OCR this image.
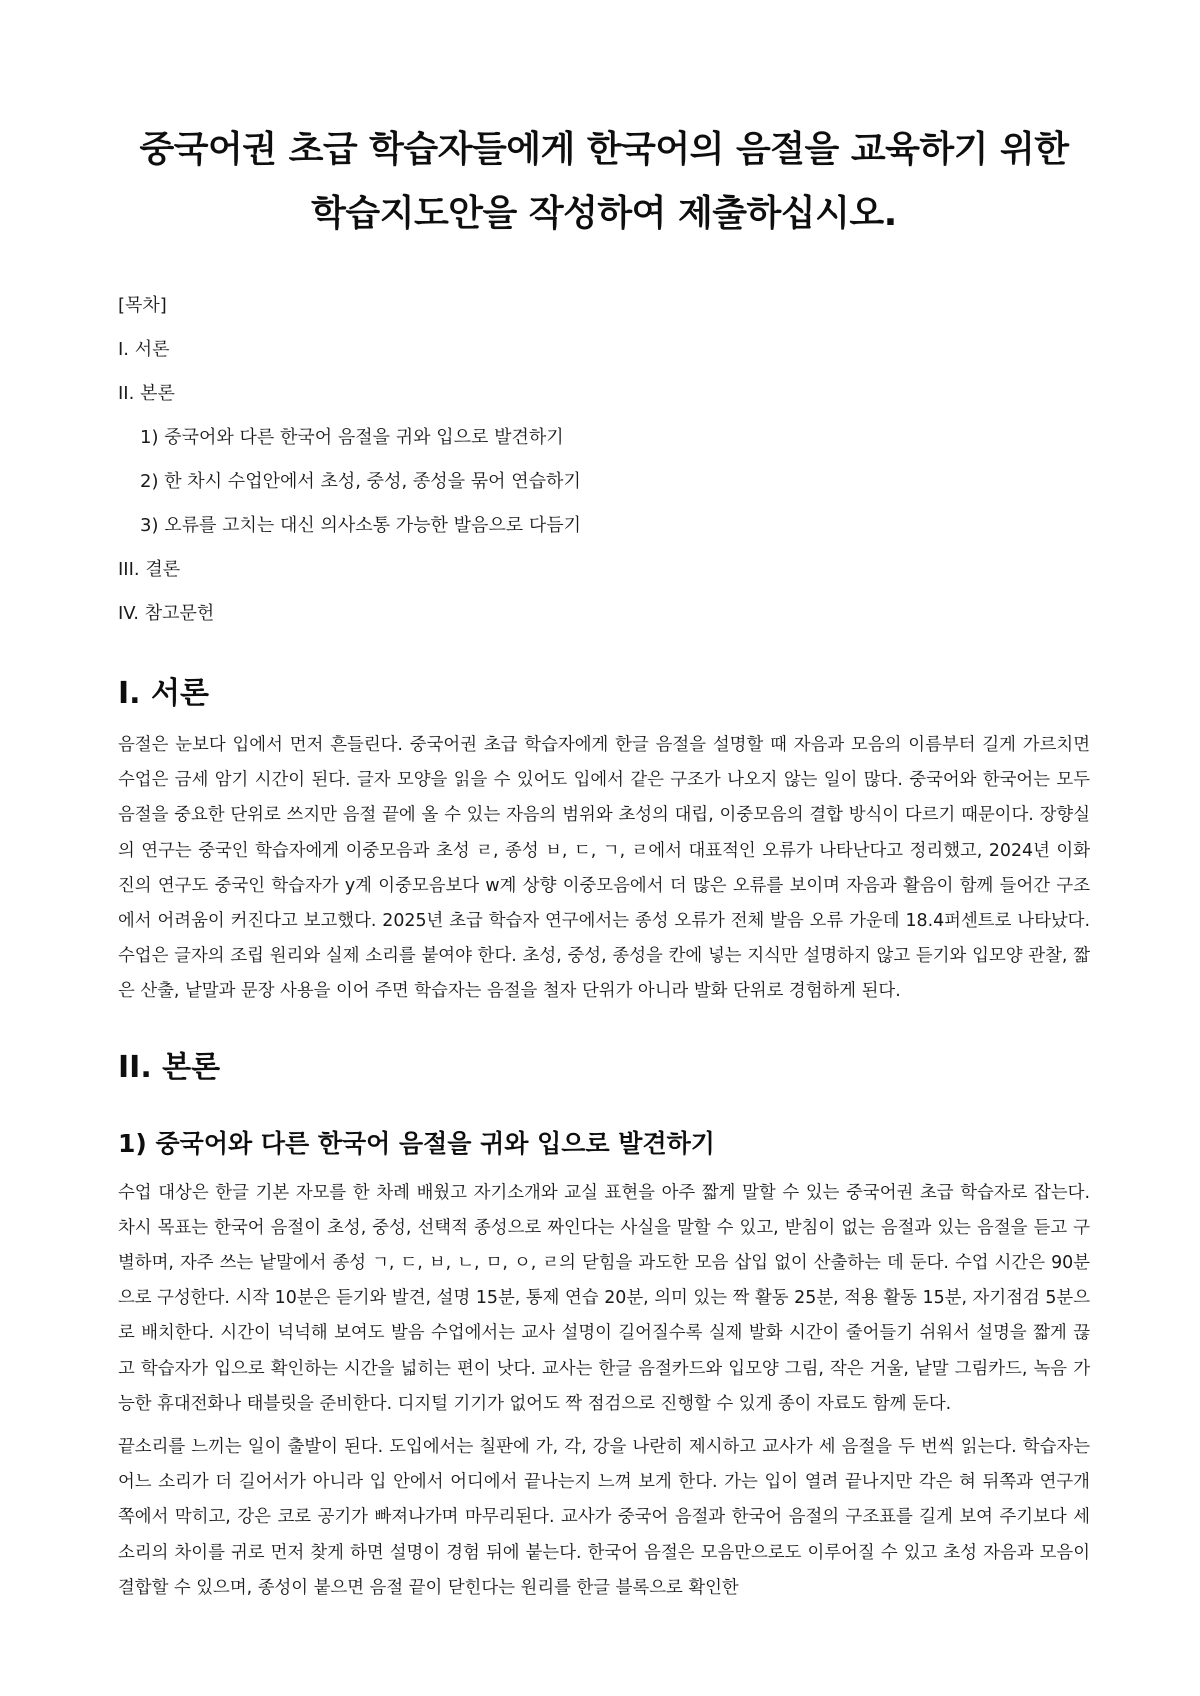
중국어권 초급 학습자들에게 한국어의 음절을 교육하기 위한 학습지도안을 작성하여 제출하십시오.
[목차]
I. 서론
II. 본론
1) 중국어와 다른 한국어 음절을 귀와 입으로 발견하기
2) 한 차시 수업안에서 초성, 중성, 종성을 묶어 연습하기
3) 오류를 고치는 대신 의사소통 가능한 발음으로 다듬기
III. 결론
IV. 참고문헌
I. 서론

음절은 눈보다 입에서 먼저 흔들린다. 중국어권 초급 학습자에게 한글 음절을 설명할 때 자음과 모음의 이름부터 길게 가르치면 수업은 금세 암기 시간이 된다. 글자 모양을 읽을 수 있어도 입에서 같은 구조가 나오지 않는 일이 많다. 중국어와 한국어는 모두 음절을 중요한 단위로 쓰지만 음절 끝에 올 수 있는 자음의 범위와 초성의 대립, 이중모음의 결합 방식이 다르기 때문이다. 장향실의 연구는 중국인 학습자에게 이중모음과 초성 ㄹ, 종성 ㅂ, ㄷ, ㄱ, ㄹ에서 대표적인 오류가 나타난다고 정리했고, 2024년 이화진의 연구도 중국인 학습자가 y계 이중모음보다 w계 상향 이중모음에서 더 많은 오류를 보이며 자음과 활음이 함께 들어간 구조에서 어려움이 커진다고 보고했다. 2025년 초급 학습자 연구에서는 종성 오류가 전체 발음 오류 가운데 18.4퍼센트로 나타났다. 수업은 글자의 조립 원리와 실제 소리를 붙여야 한다. 초성, 중성, 종성을 칸에 넣는 지식만 설명하지 않고 듣기와 입모양 관찰, 짧은 산출, 낱말과 문장 사용을 이어 주면 학습자는 음절을 철자 단위가 아니라 발화 단위로 경험하게 된다.

II. 본론
1) 중국어와 다른 한국어 음절을 귀와 입으로 발견하기

수업 대상은 한글 기본 자모를 한 차례 배웠고 자기소개와 교실 표현을 아주 짧게 말할 수 있는 중국어권 초급 학습자로 잡는다. 차시 목표는 한국어 음절이 초성, 중성, 선택적 종성으로 짜인다는 사실을 말할 수 있고, 받침이 없는 음절과 있는 음절을 듣고 구별하며, 자주 쓰는 낱말에서 종성 ㄱ, ㄷ, ㅂ, ㄴ, ㅁ, ㅇ, ㄹ의 닫힘을 과도한 모음 삽입 없이 산출하는 데 둔다. 수업 시간은 90분으로 구성한다. 시작 10분은 듣기와 발견, 설명 15분, 통제 연습 20분, 의미 있는 짝 활동 25분, 적용 활동 15분, 자기점검 5분으로 배치한다. 시간이 넉넉해 보여도 발음 수업에서는 교사 설명이 길어질수록 실제 발화 시간이 줄어들기 쉬워서 설명을 짧게 끊고 학습자가 입으로 확인하는 시간을 넓히는 편이 낫다. 교사는 한글 음절카드와 입모양 그림, 작은 거울, 낱말 그림카드, 녹음 가능한 휴대전화나 태블릿을 준비한다. 디지털 기기가 없어도 짝 점검으로 진행할 수 있게 종이 자료도 함께 둔다.

끝소리를 느끼는 일이 출발이 된다. 도입에서는 칠판에 가, 각, 강을 나란히 제시하고 교사가 세 음절을 두 번씩 읽는다. 학습자는 어느 소리가 더 길어서가 아니라 입 안에서 어디에서 끝나는지 느껴 보게 한다. 가는 입이 열려 끝나지만 각은 혀 뒤쪽과 연구개 쪽에서 막히고, 강은 코로 공기가 빠져나가며 마무리된다. 교사가 중국어 음절과 한국어 음절의 구조표를 길게 보여 주기보다 세 소리의 차이를 귀로 먼저 찾게 하면 설명이 경험 뒤에 붙는다. 한국어 음절은 모음만으로도 이루어질 수 있고 초성 자음과 모음이 결합할 수 있으며, 종성이 붙으면 음절 끝이 닫힌다는 원리를 한글 블록으로 확인한
